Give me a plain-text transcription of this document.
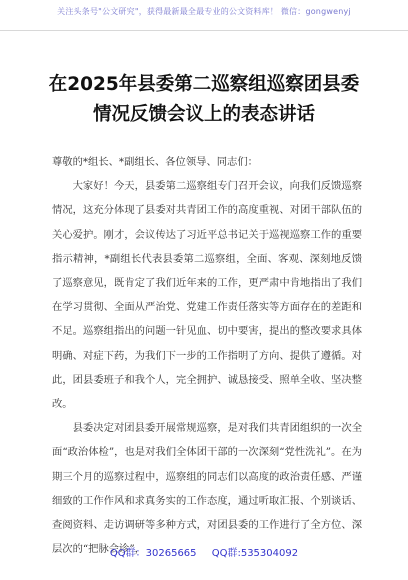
关注头条号"公文研究"，获得最新最全最专业的公文资料库！ 微信：gongwenyj
在2025年县委第二巡察组巡察团县委情况反馈会议上的表态讲话

尊敬的*组长、*副组长、各位领导、同志们：

大家好！今天，县委第二巡察组专门召开会议，向我们反馈巡察情况，这充分体现了县委对共青团工作的高度重视、对团干部队伍的关心爱护。刚才，会议传达了习近平总书记关于巡视巡察工作的重要指示精神，*副组长代表县委第二巡察组，全面、客观、深刻地反馈了巡察意见，既肯定了我们近年来的工作，更严肃中肯地指出了我们在学习贯彻、全面从严治党、党建工作责任落实等方面存在的差距和不足。巡察组指出的问题一针见血、切中要害，提出的整改要求具体明确、对症下药，为我们下一步的工作指明了方向、提供了遵循。对此，团县委班子和我个人，完全拥护、诚恳接受、照单全收、坚决整改。

县委决定对团县委开展常规巡察，是对我们共青团组织的一次全面“政治体检”，也是对我们全体团干部的一次深刻“党性洗礼”。在为期三个月的巡察过程中，巡察组的同志们以高度的政治责任感、严谨细致的工作作风和求真务实的工作态度，通过听取汇报、个别谈话、查阅资料、走访调研等多种方式，对团县委的工作进行了全方位、深层次的“把脉会诊”，

QQ群：30265665 QQ群:535304092
